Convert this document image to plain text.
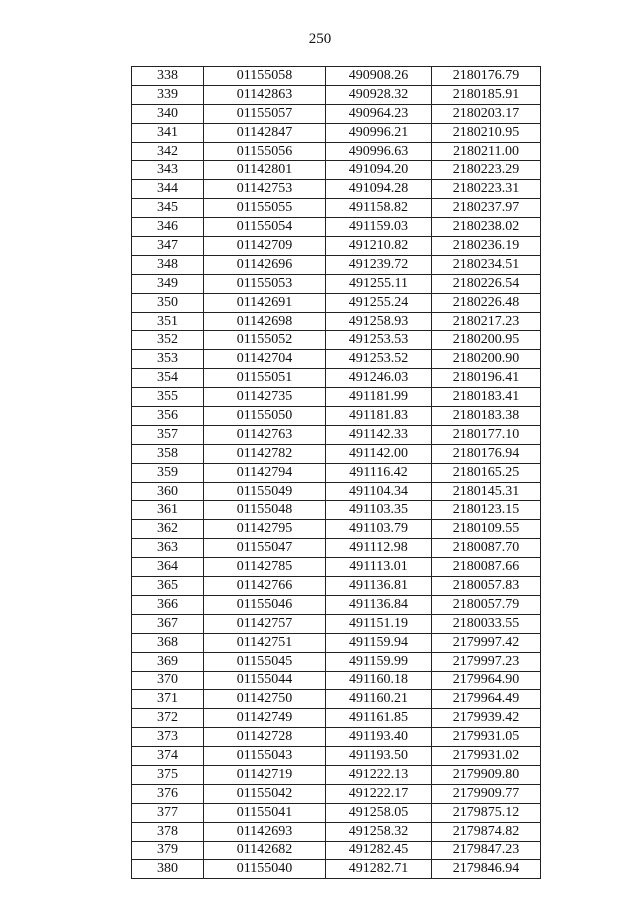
250
338	01155058	490908.26	2180176.79
339	01142863	490928.32	2180185.91
340	01155057	490964.23	2180203.17
341	01142847	490996.21	2180210.95
342	01155056	490996.63	2180211.00
343	01142801	491094.20	2180223.29
344	01142753	491094.28	2180223.31
345	01155055	491158.82	2180237.97
346	01155054	491159.03	2180238.02
347	01142709	491210.82	2180236.19
348	01142696	491239.72	2180234.51
349	01155053	491255.11	2180226.54
350	01142691	491255.24	2180226.48
351	01142698	491258.93	2180217.23
352	01155052	491253.53	2180200.95
353	01142704	491253.52	2180200.90
354	01155051	491246.03	2180196.41
355	01142735	491181.99	2180183.41
356	01155050	491181.83	2180183.38
357	01142763	491142.33	2180177.10
358	01142782	491142.00	2180176.94
359	01142794	491116.42	2180165.25
360	01155049	491104.34	2180145.31
361	01155048	491103.35	2180123.15
362	01142795	491103.79	2180109.55
363	01155047	491112.98	2180087.70
364	01142785	491113.01	2180087.66
365	01142766	491136.81	2180057.83
366	01155046	491136.84	2180057.79
367	01142757	491151.19	2180033.55
368	01142751	491159.94	2179997.42
369	01155045	491159.99	2179997.23
370	01155044	491160.18	2179964.90
371	01142750	491160.21	2179964.49
372	01142749	491161.85	2179939.42
373	01142728	491193.40	2179931.05
374	01155043	491193.50	2179931.02
375	01142719	491222.13	2179909.80
376	01155042	491222.17	2179909.77
377	01155041	491258.05	2179875.12
378	01142693	491258.32	2179874.82
379	01142682	491282.45	2179847.23
380	01155040	491282.71	2179846.94
